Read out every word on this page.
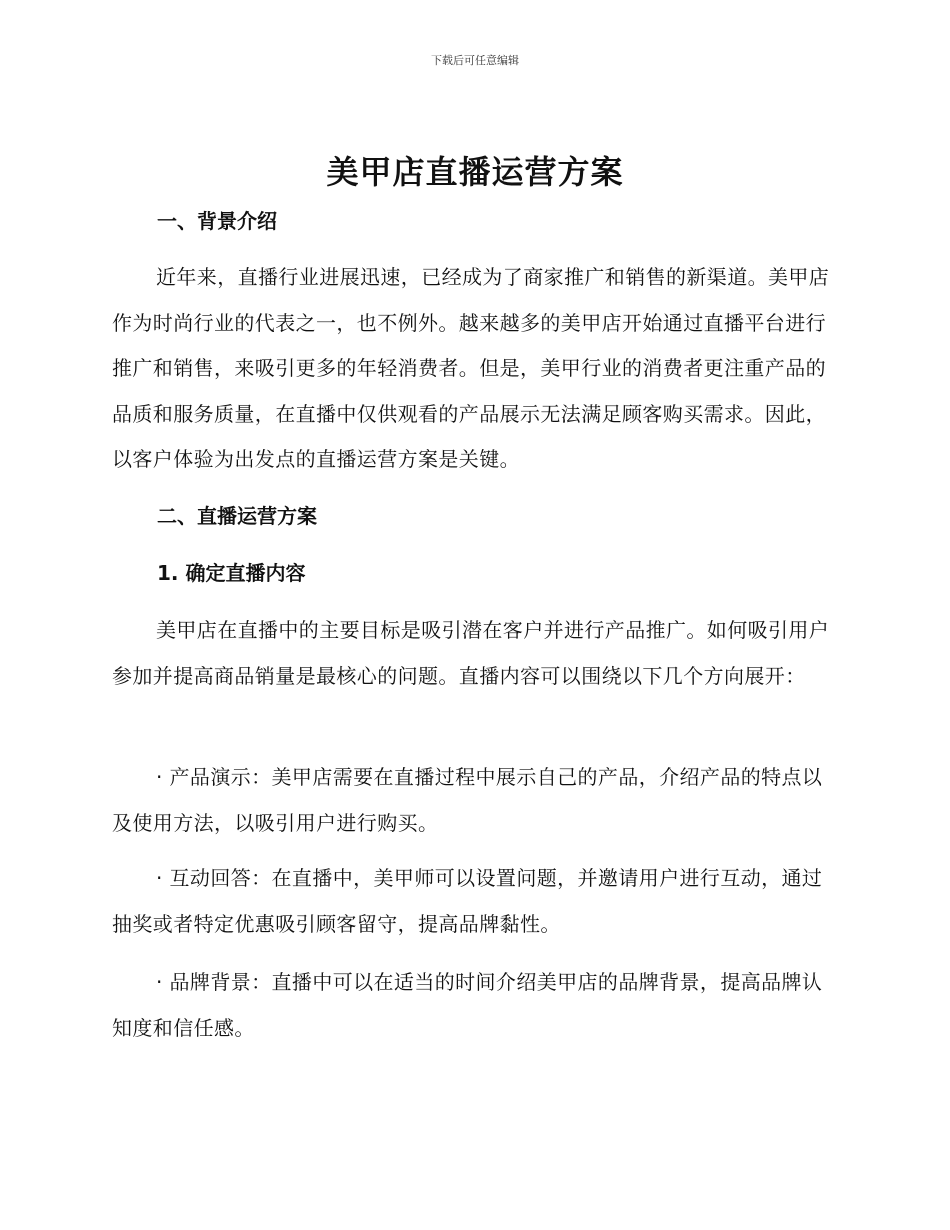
下载后可任意编辑
美甲店直播运营方案
一、背景介绍

近年来，直播行业进展迅速，已经成为了商家推广和销售的新渠道。美甲店作为时尚行业的代表之一，也不例外。越来越多的美甲店开始通过直播平台进行推广和销售，来吸引更多的年轻消费者。但是，美甲行业的消费者更注重产品的品质和服务质量，在直播中仅供观看的产品展示无法满足顾客购买需求。因此，以客户体验为出发点的直播运营方案是关键。

二、直播运营方案
1. 确定直播内容

美甲店在直播中的主要目标是吸引潜在客户并进行产品推广。如何吸引用户参加并提高商品销量是最核心的问题。直播内容可以围绕以下几个方向展开：

· 产品演示：美甲店需要在直播过程中展示自己的产品，介绍产品的特点以及使用方法，以吸引用户进行购买。

· 互动回答：在直播中，美甲师可以设置问题，并邀请用户进行互动，通过抽奖或者特定优惠吸引顾客留守，提高品牌黏性。

· 品牌背景：直播中可以在适当的时间介绍美甲店的品牌背景，提高品牌认知度和信任感。
